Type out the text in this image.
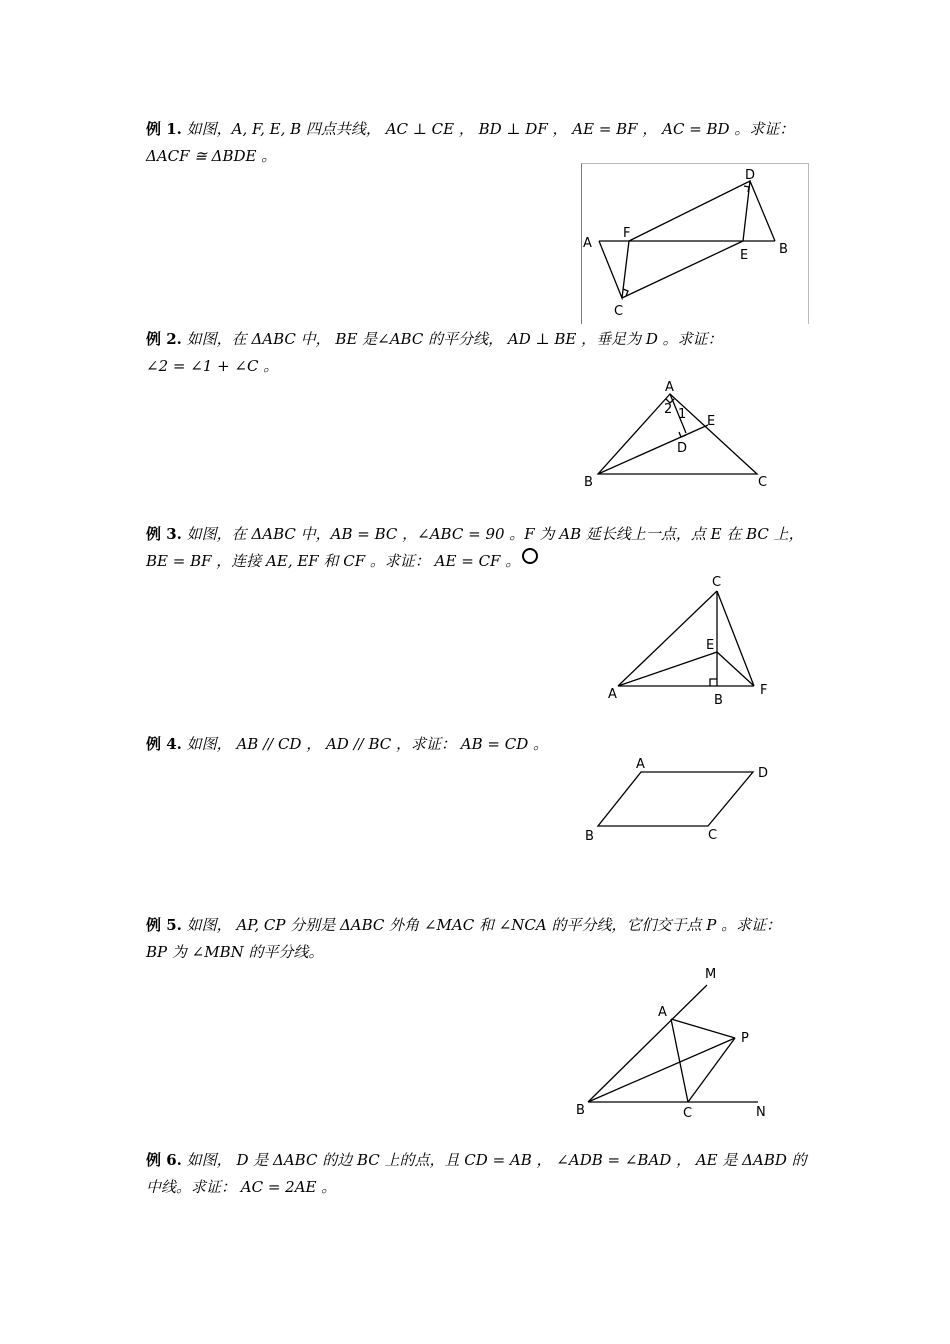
例 1. 如图，A, F, E, B 四点共线， AC ⊥ CE ， BD ⊥ DF ， AE = BF ， AC = BD 。求证：

ΔACF ≅ ΔBDE 。

A
F
E B
C
D

例 2. 如图，在 ΔABC 中， BE 是∠ABC 的平分线， AD ⊥ BE ，垂足为 D 。求证：

∠2 = ∠1 + ∠C 。

A
B	C
D
E
2 1

例 3. 如图，在 ΔABC 中，AB = BC ，∠ABC = 90 。F 为 AB 延长线上一点，点 E 在 BC 上，

BE = BF ，连接 AE, EF 和 CF 。求证： AE = CF 。

C
E
A	B
F

例 4. 如图， AB // CD ， AD // BC ，求证： AB = CD 。

A
D
B	C

例 5. 如图， AP, CP 分别是 ΔABC 外角 ∠MAC 和 ∠NCA 的平分线，它们交于点 P 。求证：

BP 为 ∠MBN 的平分线。

M
A
P
B	C	N

例 6. 如图， D 是 ΔABC 的边 BC 上的点，且 CD = AB ， ∠ADB = ∠BAD ， AE 是 ΔABD 的

中线。求证： AC = 2AE 。
